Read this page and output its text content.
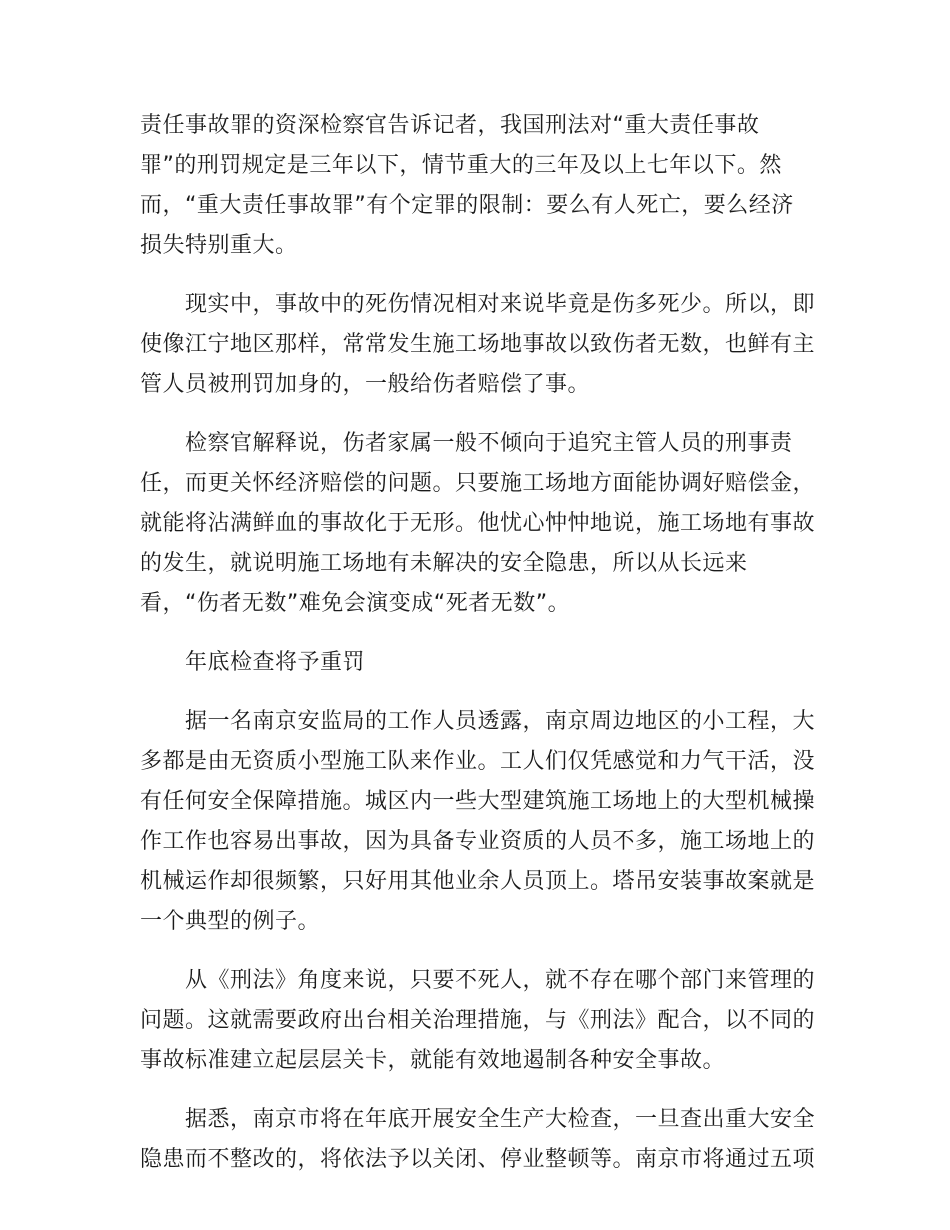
责任事故罪的资深检察官告诉记者，我国刑法对“重大责任事故
罪”的刑罚规定是三年以下，情节重大的三年及以上七年以下。然
而，“重大责任事故罪”有个定罪的限制：要么有人死亡，要么经济
损失特别重大。

现实中，事故中的死伤情况相对来说毕竟是伤多死少。所以，即
使像江宁地区那样，常常发生施工场地事故以致伤者无数，也鲜有主
管人员被刑罚加身的，一般给伤者赔偿了事。

检察官解释说，伤者家属一般不倾向于追究主管人员的刑事责
任，而更关怀经济赔偿的问题。只要施工场地方面能协调好赔偿金，
就能将沾满鲜血的事故化于无形。他忧心忡忡地说，施工场地有事故
的发生，就说明施工场地有未解决的安全隐患，所以从长远来
看，“伤者无数”难免会演变成“死者无数”。

年底检查将予重罚

据一名南京安监局的工作人员透露，南京周边地区的小工程，大
多都是由无资质小型施工队来作业。工人们仅凭感觉和力气干活，没
有任何安全保障措施。城区内一些大型建筑施工场地上的大型机械操
作工作也容易出事故，因为具备专业资质的人员不多，施工场地上的
机械运作却很频繁，只好用其他业余人员顶上。塔吊安装事故案就是
一个典型的例子。

从《刑法》角度来说，只要不死人，就不存在哪个部门来管理的
问题。这就需要政府出台相关治理措施，与《刑法》配合，以不同的
事故标准建立起层层关卡，就能有效地遏制各种安全事故。

据悉，南京市将在年底开展安全生产大检查，一旦查出重大安全
隐患而不整改的，将依法予以关闭、停业整顿等。南京市将通过五项
